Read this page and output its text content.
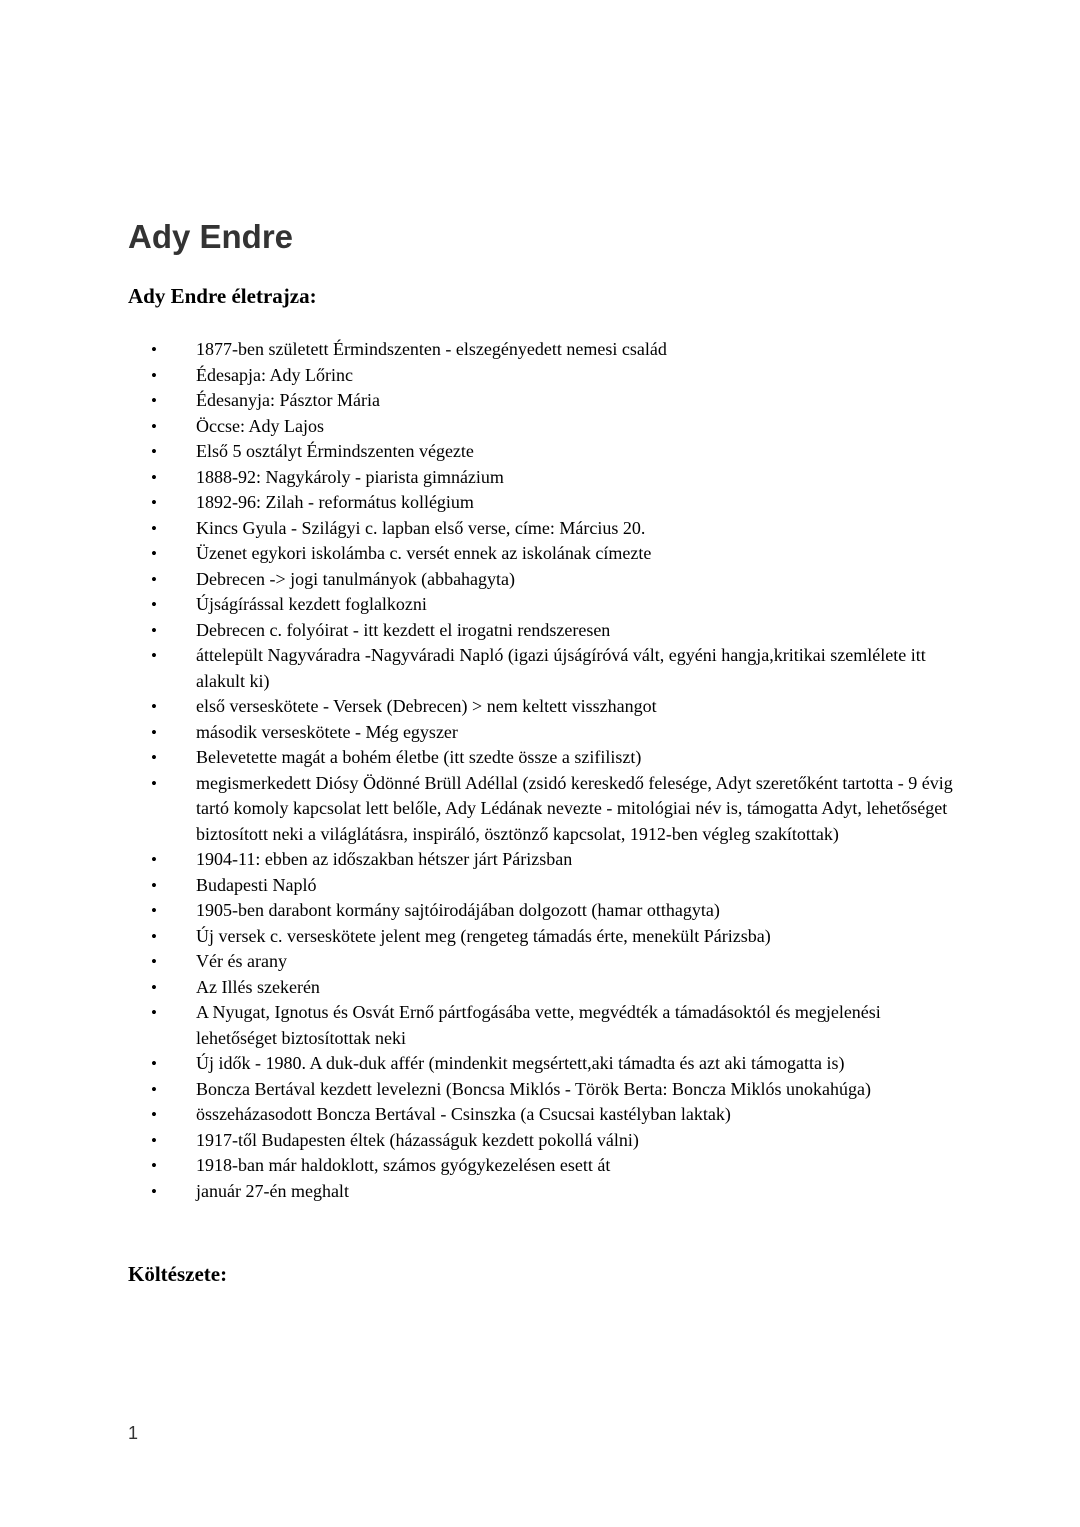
Ady Endre
Ady Endre életrajza:
•	1877-ben született Érmindszenten - elszegényedett nemesi család
•	Édesapja: Ady Lőrinc
•	Édesanyja: Pásztor Mária
•	Öccse: Ady Lajos
•	Első 5 osztályt Érmindszenten végezte
•	1888-92: Nagykároly - piarista gimnázium
•	1892-96: Zilah - református kollégium
•	Kincs Gyula - Szilágyi c. lapban első verse, címe: Március 20.
•	Üzenet egykori iskolámba c. versét ennek az iskolának címezte
•	Debrecen -> jogi tanulmányok (abbahagyta)
•	Újságírással kezdett foglalkozni
•	Debrecen c. folyóirat - itt kezdett el irogatni rendszeresen
•	áttelepült Nagyváradra -Nagyváradi Napló (igazi újságíróvá vált, egyéni hangja,kritikai szemlélete itt alakult ki)
•	első verseskötete - Versek (Debrecen) > nem keltett visszhangot
•	második verseskötete - Még egyszer
•	Belevetette magát a bohém életbe (itt szedte össze a szifiliszt)
•	megismerkedett Diósy Ödönné Brüll Adéllal (zsidó kereskedő felesége, Adyt szeretőként tartotta - 9 évig tartó komoly kapcsolat lett belőle, Ady Lédának nevezte - mitológiai név is, támogatta Adyt, lehetőséget biztosított neki a világlátásra, inspiráló, ösztönző kapcsolat, 1912-ben végleg szakítottak)
•	1904-11: ebben az időszakban hétszer járt Párizsban
•	Budapesti Napló
•	1905-ben darabont kormány sajtóirodájában dolgozott (hamar otthagyta)
•	Új versek c. verseskötete jelent meg (rengeteg támadás érte, menekült Párizsba)
•	Vér és arany
•	Az Illés szekerén
•	A Nyugat, Ignotus és Osvát Ernő pártfogásába vette, megvédték a támadásoktól és megjelenési lehetőséget biztosítottak neki
•	Új idők - 1980. A duk-duk affér (mindenkit megsértett,aki támadta és azt aki támogatta is)
•	Boncza Bertával kezdett levelezni (Boncsa Miklós - Török Berta: Boncza Miklós unokahúga)
•	összeházasodott Boncza Bertával - Csinszka (a Csucsai kastélyban laktak)
•	1917-től Budapesten éltek (házasságuk kezdett pokollá válni)
•	1918-ban már haldoklott, számos gyógykezelésen esett át
•	január 27-én meghalt
Költészete:
1
